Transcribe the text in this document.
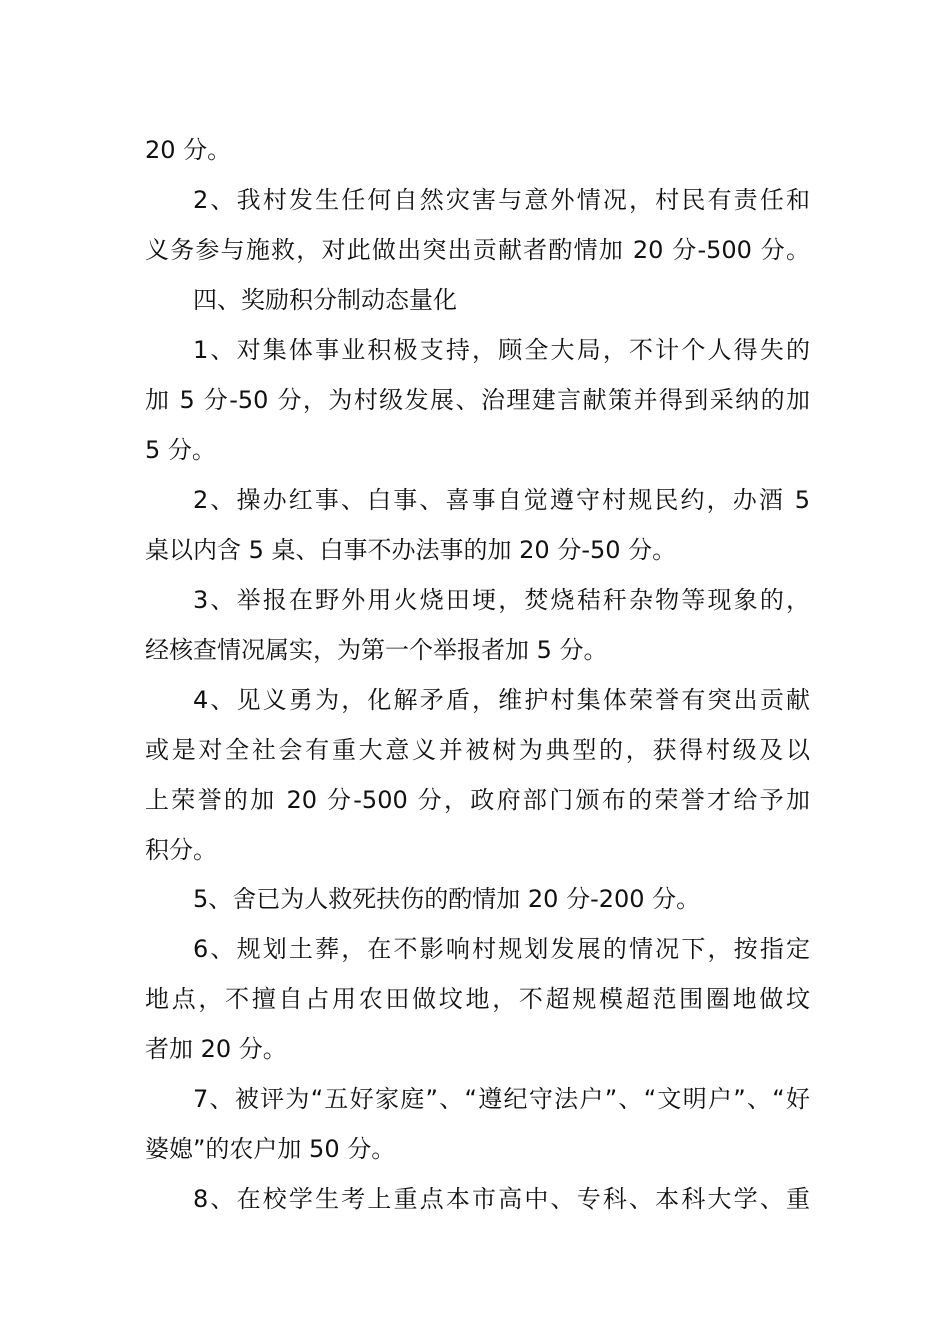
20 分。
2、我村发生任何自然灾害与意外情况，村民有责任和
义务参与施救，对此做出突出贡献者酌情加 20 分-500 分。
四、奖励积分制动态量化
1、对集体事业积极支持，顾全大局，不计个人得失的
加 5 分-50 分，为村级发展、治理建言献策并得到采纳的加
5 分。
2、操办红事、白事、喜事自觉遵守村规民约，办酒 5
桌以内含 5 桌、白事不办法事的加 20 分-50 分。
3、举报在野外用火烧田埂，焚烧秸秆杂物等现象的，
经核查情况属实，为第一个举报者加 5 分。
4、见义勇为，化解矛盾，维护村集体荣誉有突出贡献
或是对全社会有重大意义并被树为典型的，获得村级及以
上荣誉的加 20 分-500 分，政府部门颁布的荣誉才给予加
积分。
5、舍已为人救死扶伤的酌情加 20 分-200 分。
6、规划土葬，在不影响村规划发展的情况下，按指定
地点，不擅自占用农田做坟地，不超规模超范围圈地做坟
者加 20 分。
7、被评为“五好家庭”、“遵纪守法户”、“文明户”、“好
婆媳”的农户加 50 分。
8、在校学生考上重点本市高中、专科、本科大学、重
